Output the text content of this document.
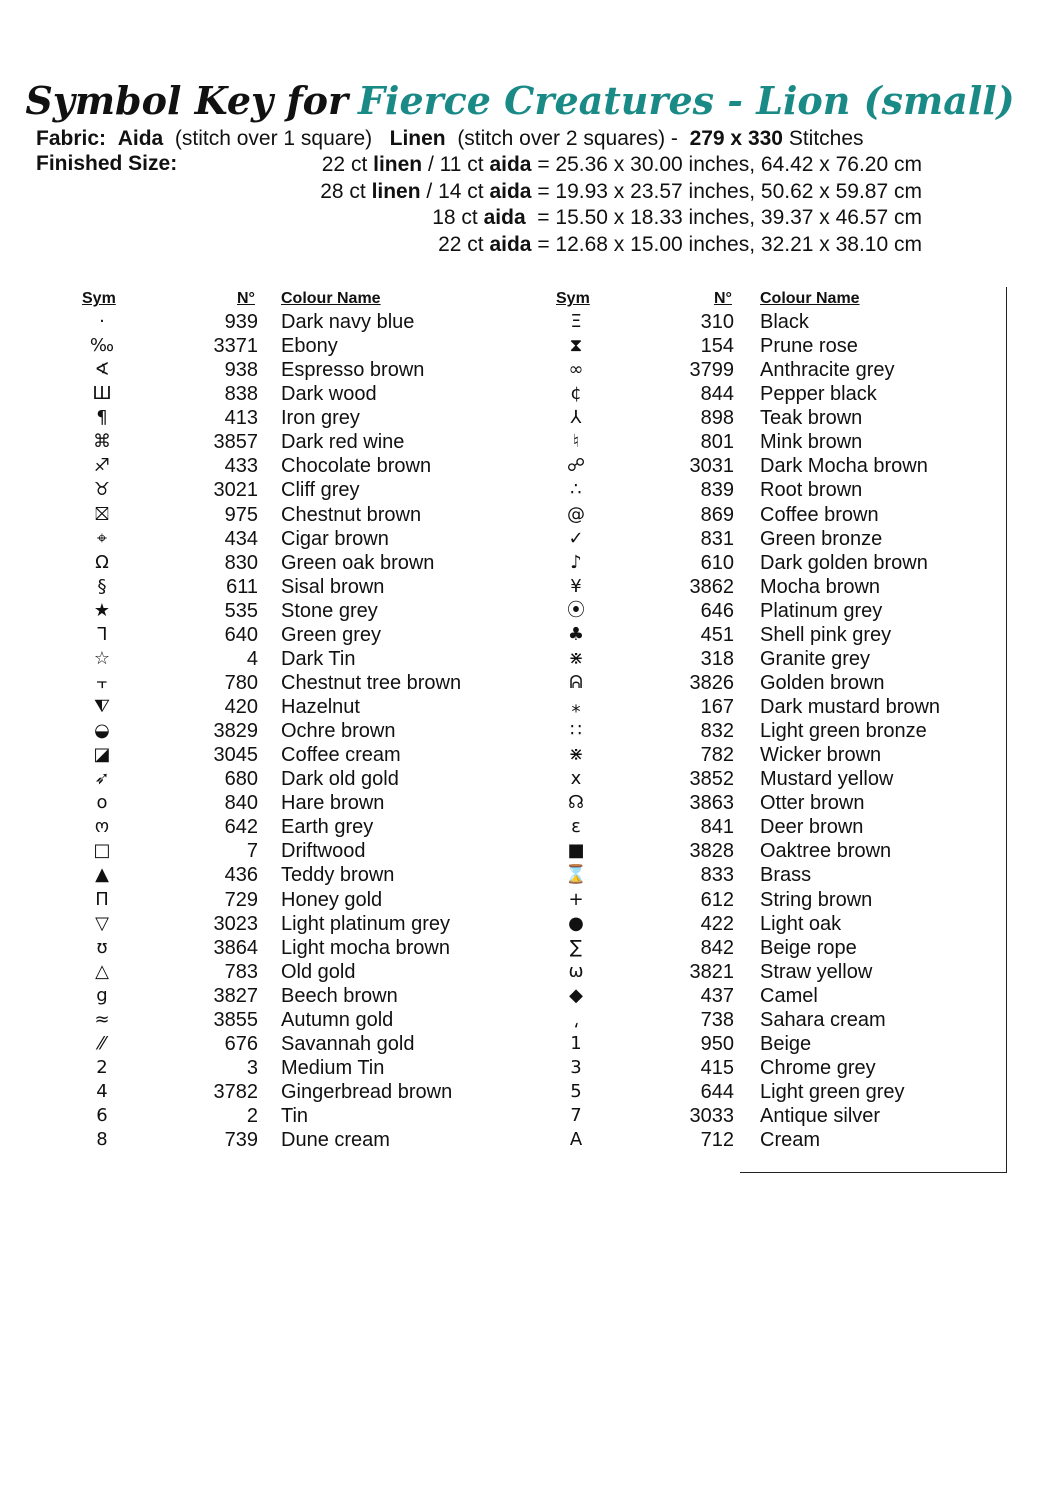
Symbol Key for Fierce Creatures - Lion (small)
Fabric: Aida (stitch over 1 square) Linen (stitch over 2 squares) - 279 x 330 Stitches
Finished Size:	22 ct linen / 11 ct aida = 25.36 x 30.00 inches, 64.42 x 76.20 cm
28 ct linen / 14 ct aida = 19.93 x 23.57 inches, 50.62 x 59.87 cm
18 ct aida  = 15.50 x 18.33 inches, 39.37 x 46.57 cm
22 ct aida = 12.68 x 15.00 inches, 32.21 x 38.10 cm
Sym	N° Colour Name
·	939 Dark navy blue
‰	3371 Ebony
∢	938 Espresso brown
Ш	838 Dark wood
¶	413 Iron grey
⌘	3857 Dark red wine
♐	433 Chocolate brown
♉	3021 Cliff grey
⛝	975 Chestnut brown
⌖	434 Cigar brown
Ω	830 Green oak brown
§	611 Sisal brown
★	535 Stone grey
ᒣ	640 Green grey
☆	4 Dark Tin
⫟	780 Chestnut tree brown
⧨	420 Hazelnut
◒	3829 Ochre brown
◪	3045 Coffee cream
➶	680 Dark old gold
o	840 Hare brown
ო	642 Earth grey
□	7 Driftwood
▲	436 Teddy brown
Π	729 Honey gold
▽	3023 Light platinum grey
ʊ	3864 Light mocha brown
△	783 Old gold
g	3827 Beech brown
≈	3855 Autumn gold
⁄⁄	676 Savannah gold
2	3 Medium Tin
4	3782 Gingerbread brown
6	2 Tin
8	739 Dune cream
Sym	N° Colour Name
Ξ	310 Black
⧗	154 Prune rose
∞	3799 Anthracite grey
¢	844 Pepper black
⅄	898 Teak brown
♮	801 Mink brown
☍	3031 Dark Mocha brown
∴	839 Root brown
@	869 Coffee brown
✓	831 Green bronze
♪	610 Dark golden brown
¥	3862 Mocha brown
⦿	646 Platinum grey
♣	451 Shell pink grey
⋇	318 Granite grey
ᕱ	3826 Golden brown
⁎	167 Dark mustard brown
∷	832 Light green bronze
⋇	782 Wicker brown
x	3852 Mustard yellow
☊	3863 Otter brown
ɛ	841 Deer brown
■	3828 Oaktree brown
⌛	833 Brass
+	612 String brown
●	422 Light oak
∑	842 Beige rope
ω	3821 Straw yellow
◆	437 Camel
⸲	738 Sahara cream
1	950 Beige
3	415 Chrome grey
5	644 Light green grey
7	3033 Antique silver
A	712 Cream
